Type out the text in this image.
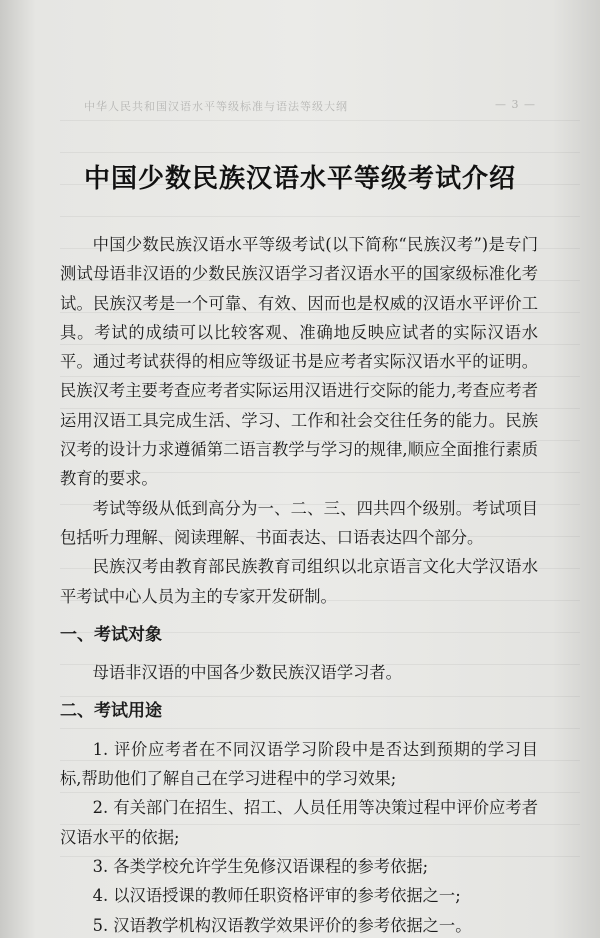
中华人民共和国汉语水平等级标准与语法等级大纲	— 3 —
中国少数民族汉语水平等级考试介绍

中国少数民族汉语水平等级考试(以下简称“民族汉考”)是专门测试母语非汉语的少数民族汉语学习者汉语水平的国家级标准化考试。民族汉考是一个可靠、有效、因而也是权威的汉语水平评价工具。考试的成绩可以比较客观、准确地反映应试者的实际汉语水平。通过考试获得的相应等级证书是应考者实际汉语水平的证明。民族汉考主要考查应考者实际运用汉语进行交际的能力,考查应考者运用汉语工具完成生活、学习、工作和社会交往任务的能力。民族汉考的设计力求遵循第二语言教学与学习的规律,顺应全面推行素质教育的要求。

考试等级从低到高分为一、二、三、四共四个级别。考试项目包括听力理解、阅读理解、书面表达、口语表达四个部分。

民族汉考由教育部民族教育司组织以北京语言文化大学汉语水平考试中心人员为主的专家开发研制。

一、考试对象

母语非汉语的中国各少数民族汉语学习者。

二、考试用途

1. 评价应考者在不同汉语学习阶段中是否达到预期的学习目标,帮助他们了解自己在学习进程中的学习效果;

2. 有关部门在招生、招工、人员任用等决策过程中评价应考者汉语水平的依据;

3. 各类学校允许学生免修汉语课程的参考依据;

4. 以汉语授课的教师任职资格评审的参考依据之一;

5. 汉语教学机构汉语教学效果评价的参考依据之一。
